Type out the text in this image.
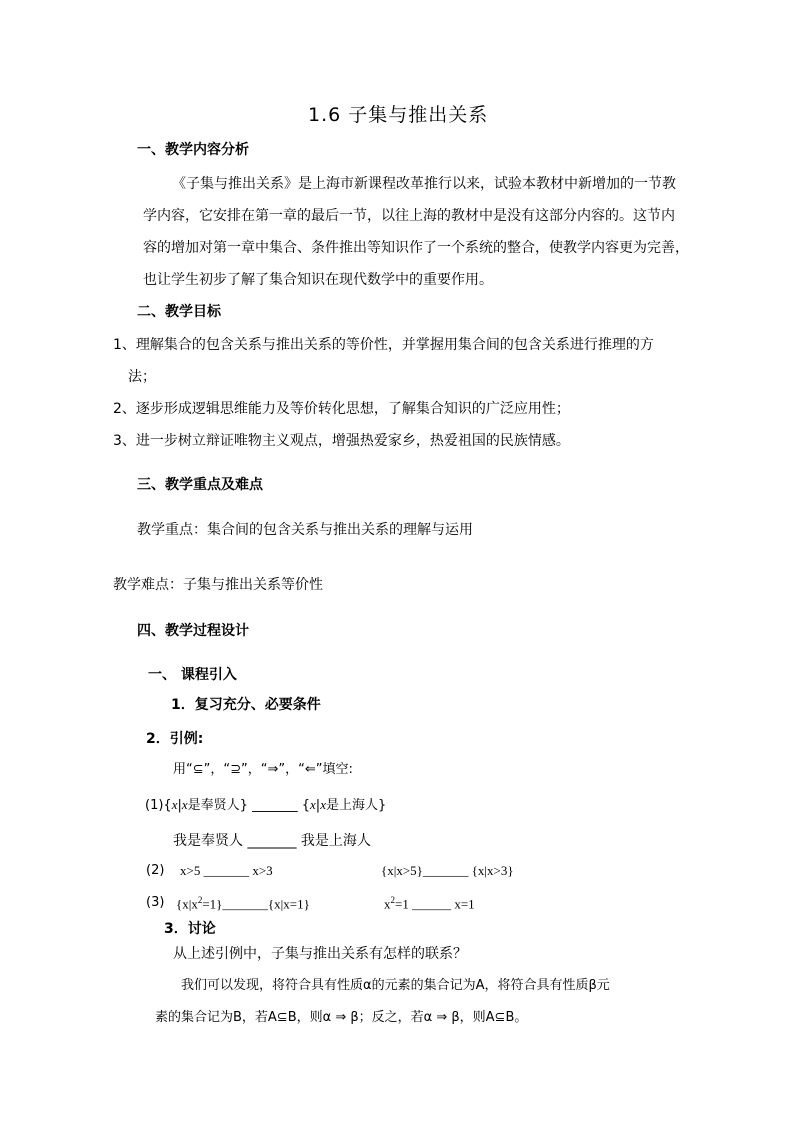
1.6 子集与推出关系
一、教学内容分析
《子集与推出关系》是上海市新课程改革推行以来，试验本教材中新增加的一节教
学内容，它安排在第一章的最后一节，以往上海的教材中是没有这部分内容的。这节内
容的增加对第一章中集合、条件推出等知识作了一个系统的整合，使教学内容更为完善，
也让学生初步了解了集合知识在现代数学中的重要作用。
二、教学目标
1、理解集合的包含关系与推出关系的等价性，并掌握用集合间的包含关系进行推理的方
法；
2、逐步形成逻辑思维能力及等价转化思想，了解集合知识的广泛应用性；
3、进一步树立辩证唯物主义观点，增强热爱家乡，热爱祖国的民族情感。
三、教学重点及难点
教学重点：集合间的包含关系与推出关系的理解与运用
教学难点：子集与推出关系等价性
四、教学过程设计
一、 课程引入
1．复习充分、必要条件
2．引例:
用“⊆”，“⊇”，“⇒”，“⇐”填空:
(1){x|x是奉贤人} _______ {x|x是上海人}
我是奉贤人 _______ 我是上海人
(2) x>5 _______ x>3	{x|x>5}_______ {x|x>3}
(3) $\{x|x^2=1\}\_\_\_\_\_\_\_\{x|x=1\}$	$x^2=1$ ______ x=1
3．讨论
从上述引例中，子集与推出关系有怎样的联系？
我们可以发现，将符合具有性质α的元素的集合记为A，将符合具有性质β元
素的集合记为B，若A⊆B，则α ⇒ β；反之，若α ⇒ β，则A⊆B。
